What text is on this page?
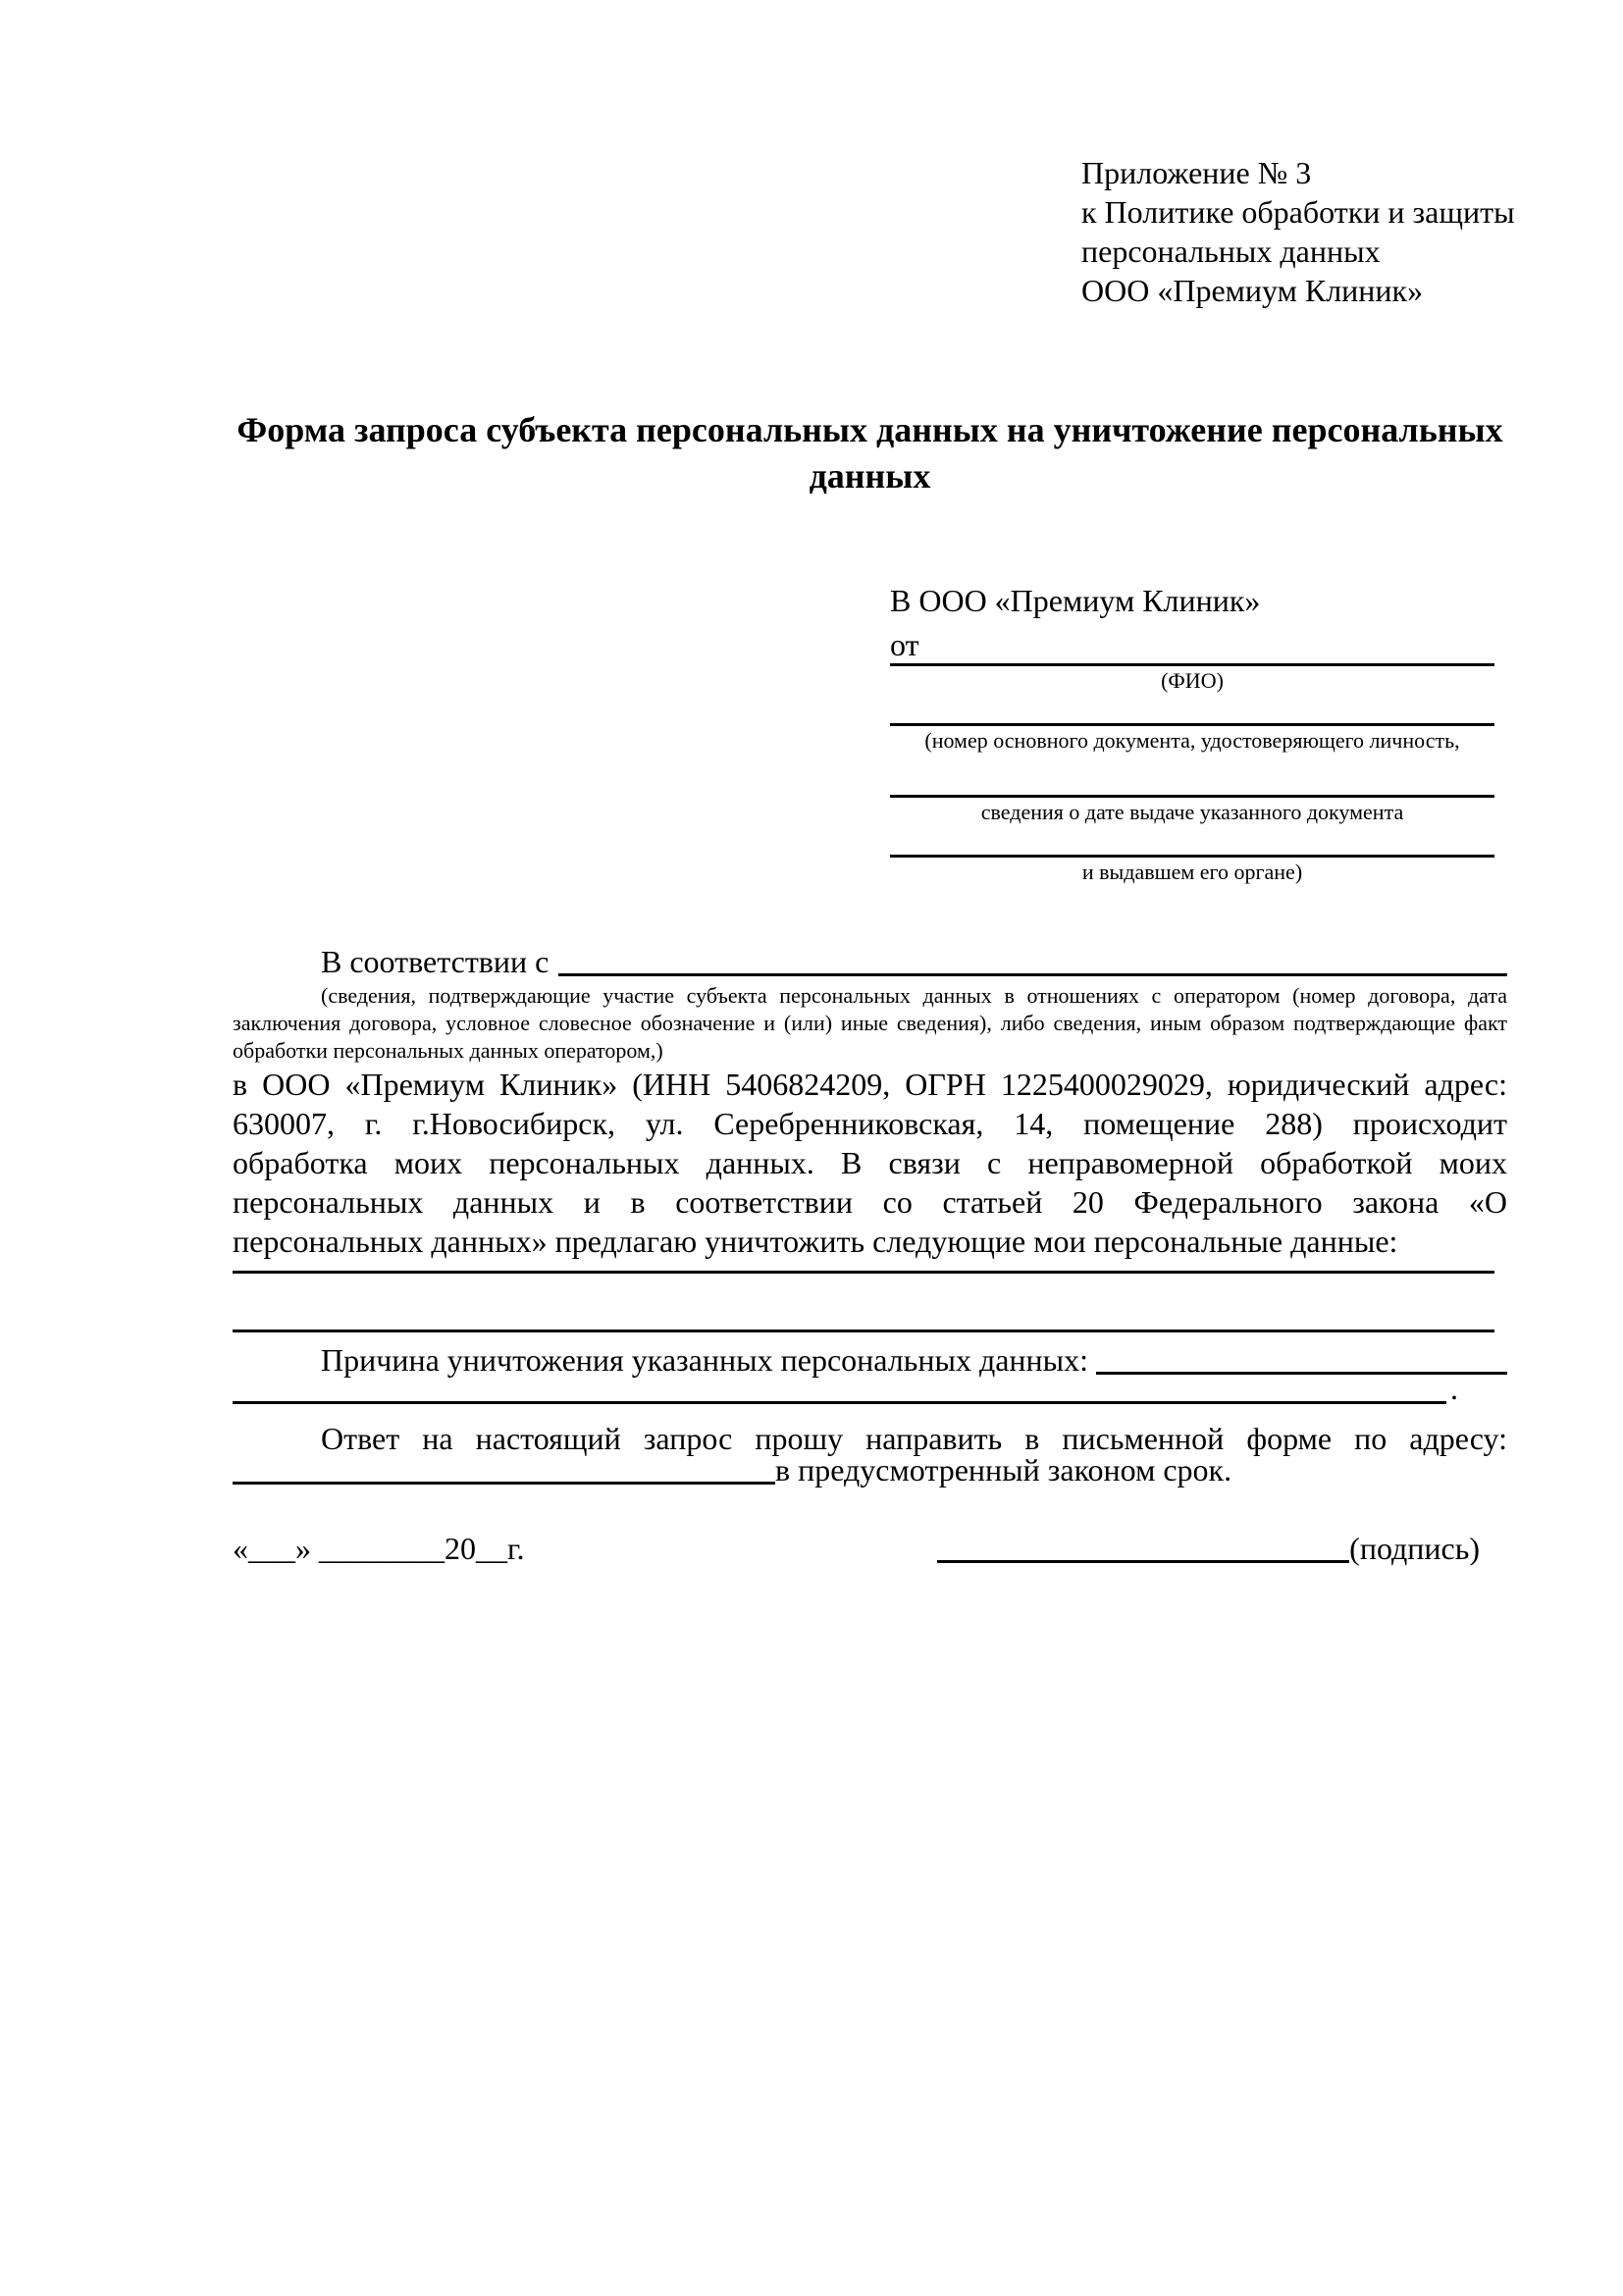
Приложение № 3
к Политике обработки и защиты
персональных данных
ООО «Премиум Клиник»
Форма запроса субъекта персональных данных на уничтожение персональных данных
В ООО «Премиум Клиник»
от
(ФИО)
(номер основного документа, удостоверяющего личность,
сведения о дате выдаче указанного документа
и выдавшем его органе)
В соответствии с
(сведения, подтверждающие участие субъекта персональных данных в отношениях с оператором (номер договора, дата
заключения договора, условное словесное обозначение и (или) иные сведения), либо сведения, иным образом подтверждающие факт
обработки персональных данных оператором,)
в ООО «Премиум Клиник» (ИНН 5406824209, ОГРН 1225400029029, юридический адрес:
630007, г. г.Новосибирск, ул. Серебренниковская, 14, помещение 288) происходит
обработка моих персональных данных. В связи с неправомерной обработкой моих
персональных данных и в соответствии со статьей 20 Федерального закона «О
персональных данных» предлагаю уничтожить следующие мои персональные данные:
Причина уничтожения указанных персональных данных:
.
Ответ на настоящий запрос прошу направить в письменной форме по адресу:
в предусмотренный законом срок.
«___» ________20__г.	(подпись)
